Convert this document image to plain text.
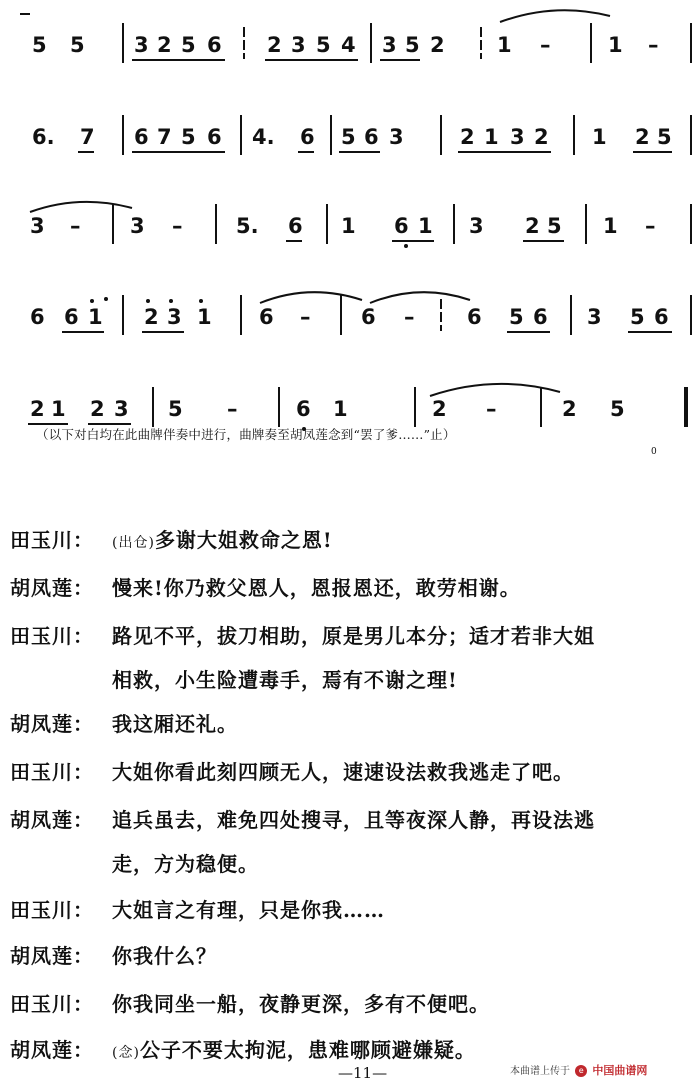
5 5 3 2 5 6 2 3 5 4 3 5 2 1 –	1 –
6. 7 6 7 5 6 4. 6 5 6 3	2 1 3 2 1 2 5
3 – 3 –	5. 6 1 6 1 3 2 5 1 –
6 6 1 2 3 1 6 – 6 –	6 5 6 3 5 6
2 1 2 3 5 –	6 1	2 –	2 5
（以下对白均在此曲牌伴奏中进行，曲牌奏至胡凤莲念到“罢了爹……”止）
0
田玉川： (出仓)多谢大姐救命之恩!
胡凤莲： 慢来!你乃救父恩人，恩报恩还，敢劳相谢。
田玉川： 路见不平，拔刀相助，原是男儿本分；适才若非大姐
相救，小生险遭毒手，焉有不谢之理!
胡凤莲： 我这厢还礼。
田玉川： 大姐你看此刻四顾无人，速速设法救我逃走了吧。
胡凤莲： 追兵虽去，难免四处搜寻，且等夜深人静，再设法逃
走，方为稳便。
田玉川： 大姐言之有理，只是你我……
胡凤莲： 你我什么？
田玉川： 你我同坐一船，夜静更深，多有不便吧。
胡凤莲： (念)公子不要太拘泥，患难哪顾避嫌疑。
—11—	本曲谱上传于 e 中国曲谱网
